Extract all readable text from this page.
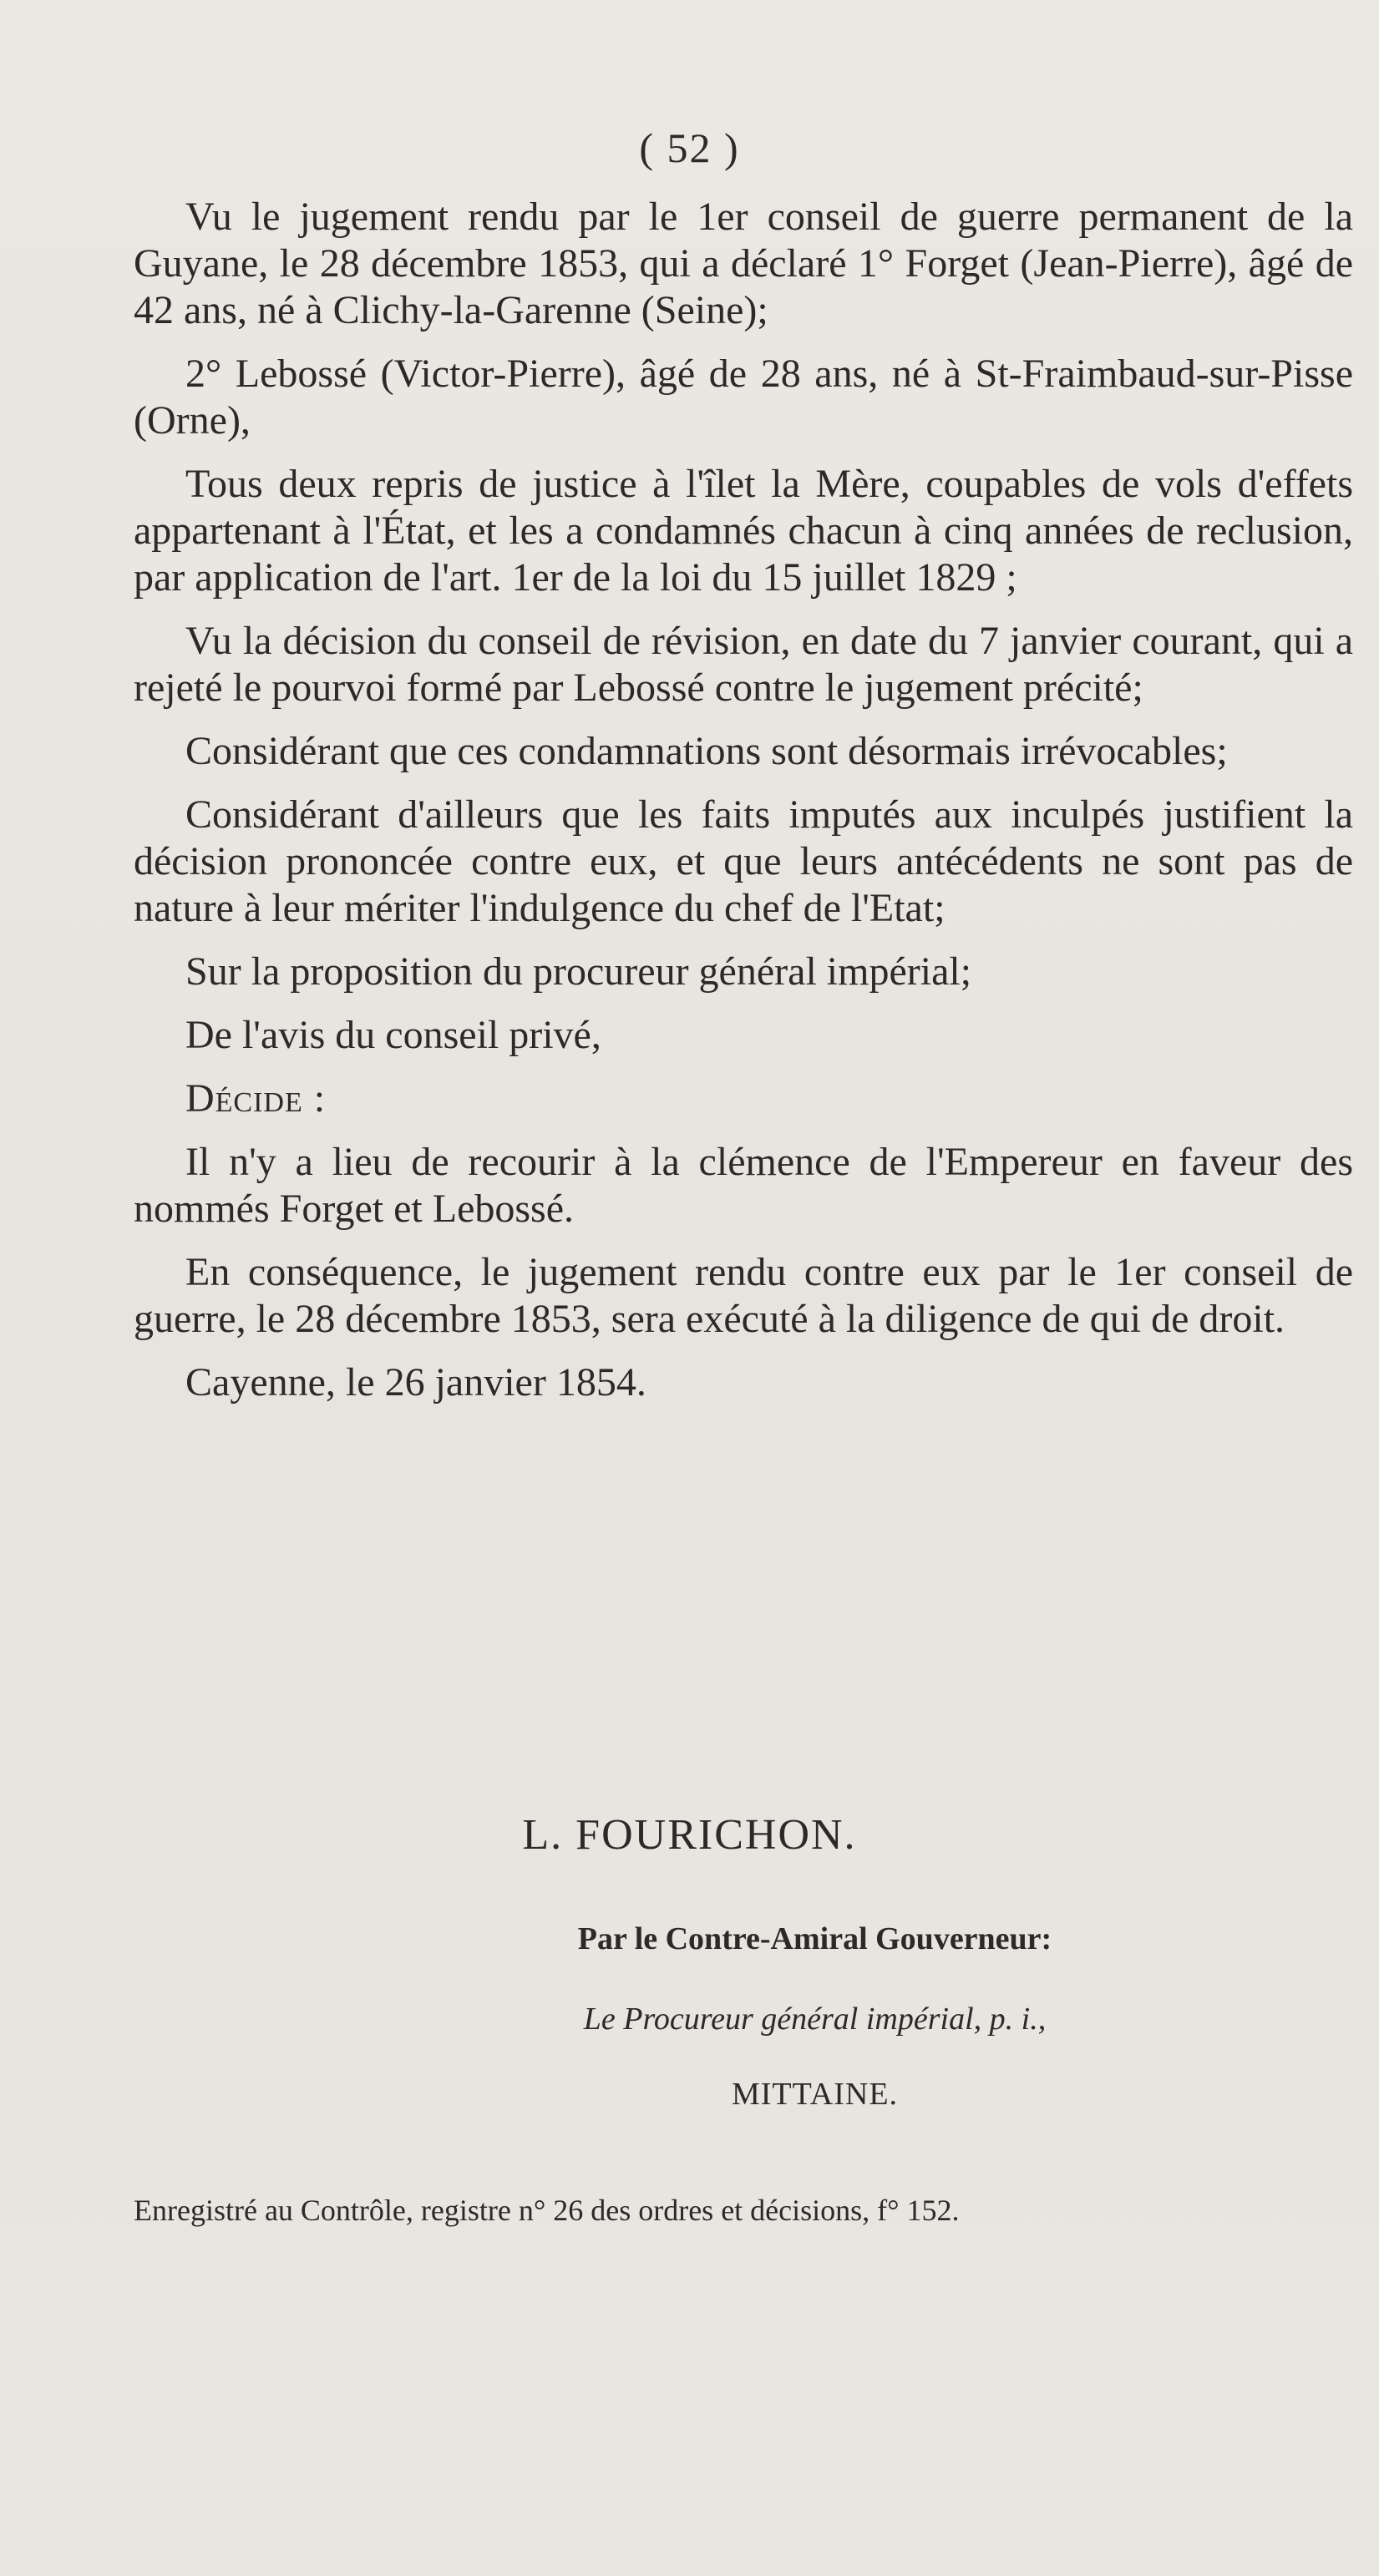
( 52 )

Vu le jugement rendu par le 1er conseil de guerre permanent de la Guyane, le 28 décembre 1853, qui a déclaré 1° Forget (Jean-Pierre), âgé de 42 ans, né à Clichy-la-Garenne (Seine);

2° Lebossé (Victor-Pierre), âgé de 28 ans, né à St-Fraimbaud-sur-Pisse (Orne),

Tous deux repris de justice à l'îlet la Mère, coupables de vols d'effets appartenant à l'État, et les a condamnés chacun à cinq années de reclusion, par application de l'art. 1er de la loi du 15 juillet 1829 ;

Vu la décision du conseil de révision, en date du 7 janvier courant, qui a rejeté le pourvoi formé par Lebossé contre le jugement précité;

Considérant que ces condamnations sont désormais irrévocables;

Considérant d'ailleurs que les faits imputés aux inculpés justifient la décision prononcée contre eux, et que leurs antécédents ne sont pas de nature à leur mériter l'indulgence du chef de l'Etat;

Sur la proposition du procureur général impérial;

De l'avis du conseil privé,

Décide :

Il n'y a lieu de recourir à la clémence de l'Empereur en faveur des nommés Forget et Lebossé.

En conséquence, le jugement rendu contre eux par le 1er conseil de guerre, le 28 décembre 1853, sera exécuté à la diligence de qui de droit.

Cayenne, le 26 janvier 1854.

L. FOURICHON.
Par le Contre-Amiral Gouverneur:
Le Procureur général impérial, p. i.,
MITTAINE.
Enregistré au Contrôle, registre n° 26 des ordres et décisions, f° 152.
